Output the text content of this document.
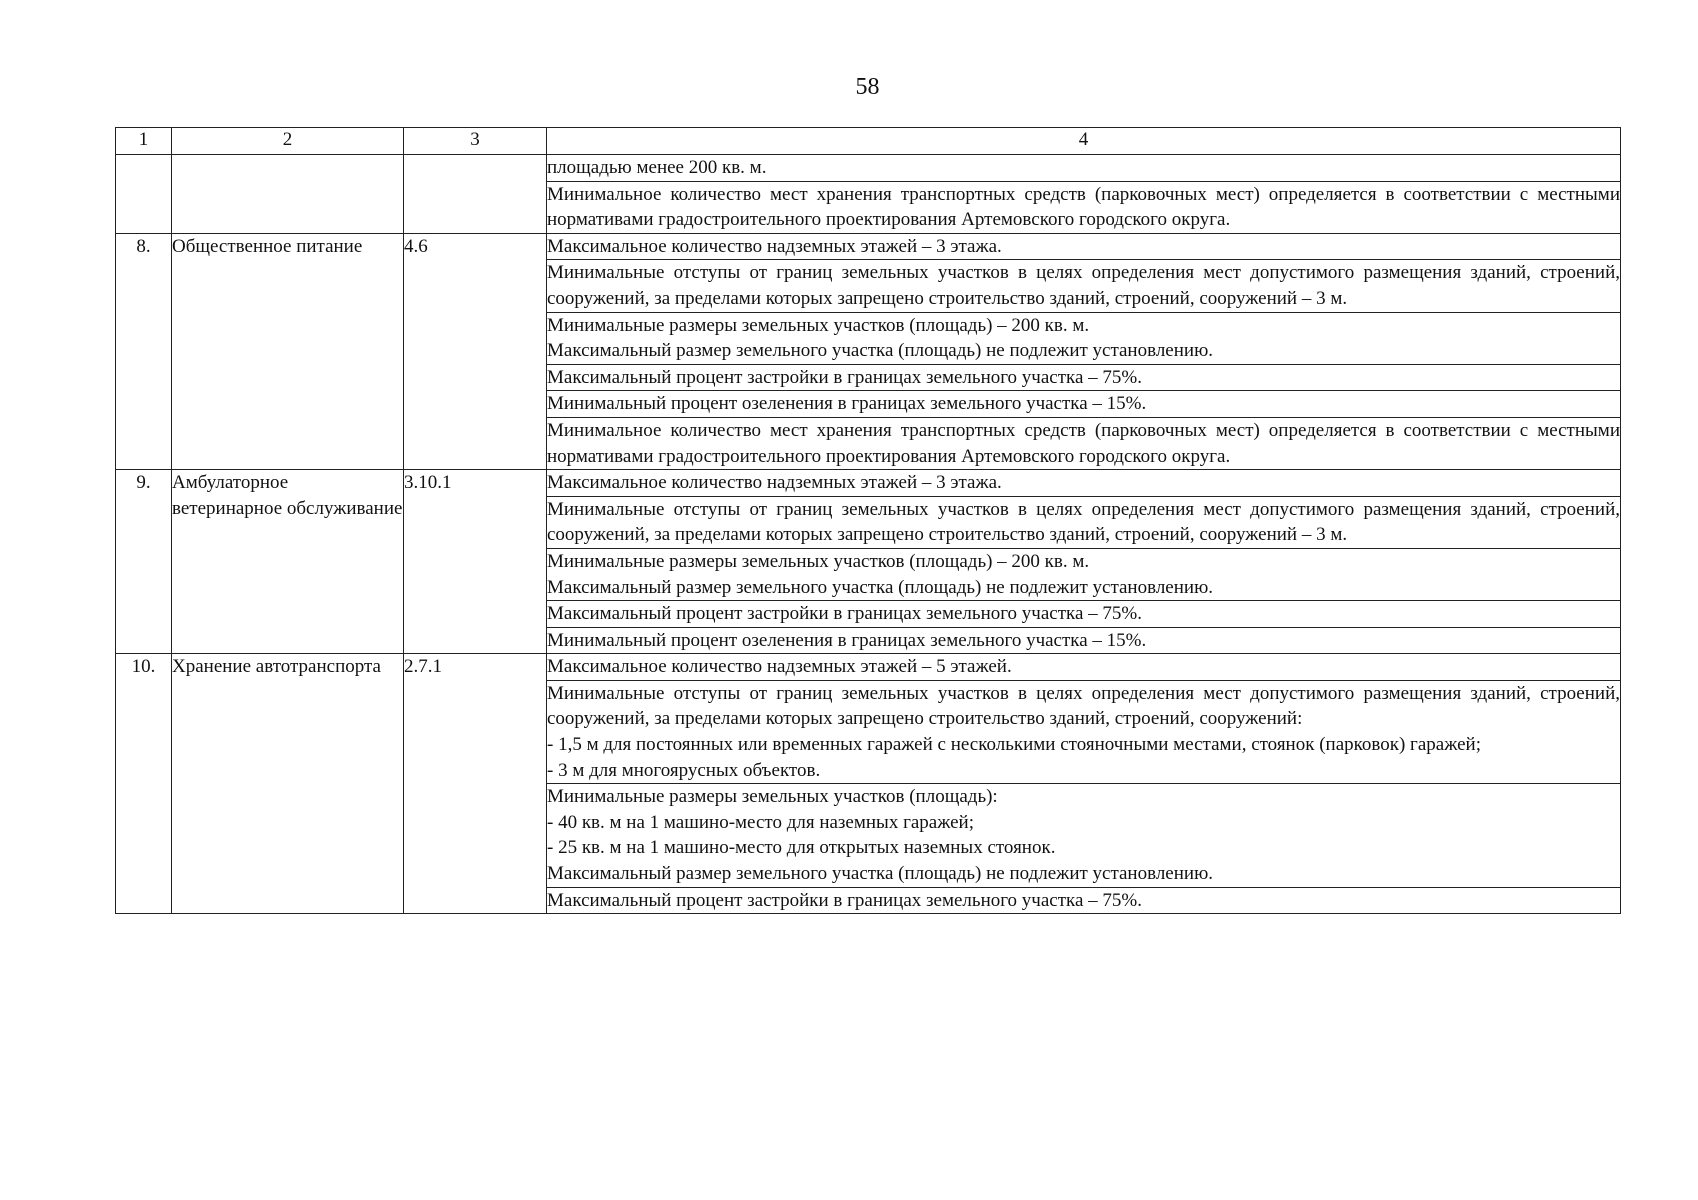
58
1	2	3	4

			площадью менее 200 кв. м.

			Минимальное количество мест хранения транспортных средств (парковочных мест) определяется в соответствии с местными нормативами градостроительного проектирования Артемовского городского округа.

8.	Общественное питание	4.6	Максимальное количество надземных этажей – 3 этажа.

			Минимальные отступы от границ земельных участков в целях определения мест допустимого размещения зданий, строений, сооружений, за пределами которых запрещено строительство зданий, строений, сооружений – 3 м.

			Минимальные размеры земельных участков (площадь) – 200 кв. м.
Максимальный размер земельного участка (площадь) не подлежит установлению.

			Максимальный процент застройки в границах земельного участка – 75%.

			Минимальный процент озеленения в границах земельного участка – 15%.

			Минимальное количество мест хранения транспортных средств (парковочных мест) определяется в соответствии с местными нормативами градостроительного проектирования Артемовского городского округа.

9.	Амбулаторное ветеринарное обслуживание	3.10.1	Максимальное количество надземных этажей – 3 этажа.

			Минимальные отступы от границ земельных участков в целях определения мест допустимого размещения зданий, строений, сооружений, за пределами которых запрещено строительство зданий, строений, сооружений – 3 м.

			Минимальные размеры земельных участков (площадь) – 200 кв. м.
Максимальный размер земельного участка (площадь) не подлежит установлению.

			Максимальный процент застройки в границах земельного участка – 75%.

			Минимальный процент озеленения в границах земельного участка – 15%.

10.	Хранение автотранспорта	2.7.1	Максимальное количество надземных этажей – 5 этажей.

			Минимальные отступы от границ земельных участков в целях определения мест допустимого размещения зданий, строений, сооружений, за пределами которых запрещено строительство зданий, строений, сооружений:
- 1,5 м для постоянных или временных гаражей с несколькими стояночными местами, стоянок (парковок) гаражей;
- 3 м для многоярусных объектов.

			Минимальные размеры земельных участков (площадь):
- 40 кв. м на 1 машино-место для наземных гаражей;
- 25 кв. м на 1 машино-место для открытых наземных стоянок.
Максимальный размер земельного участка (площадь) не подлежит установлению.

			Максимальный процент застройки в границах земельного участка – 75%.
